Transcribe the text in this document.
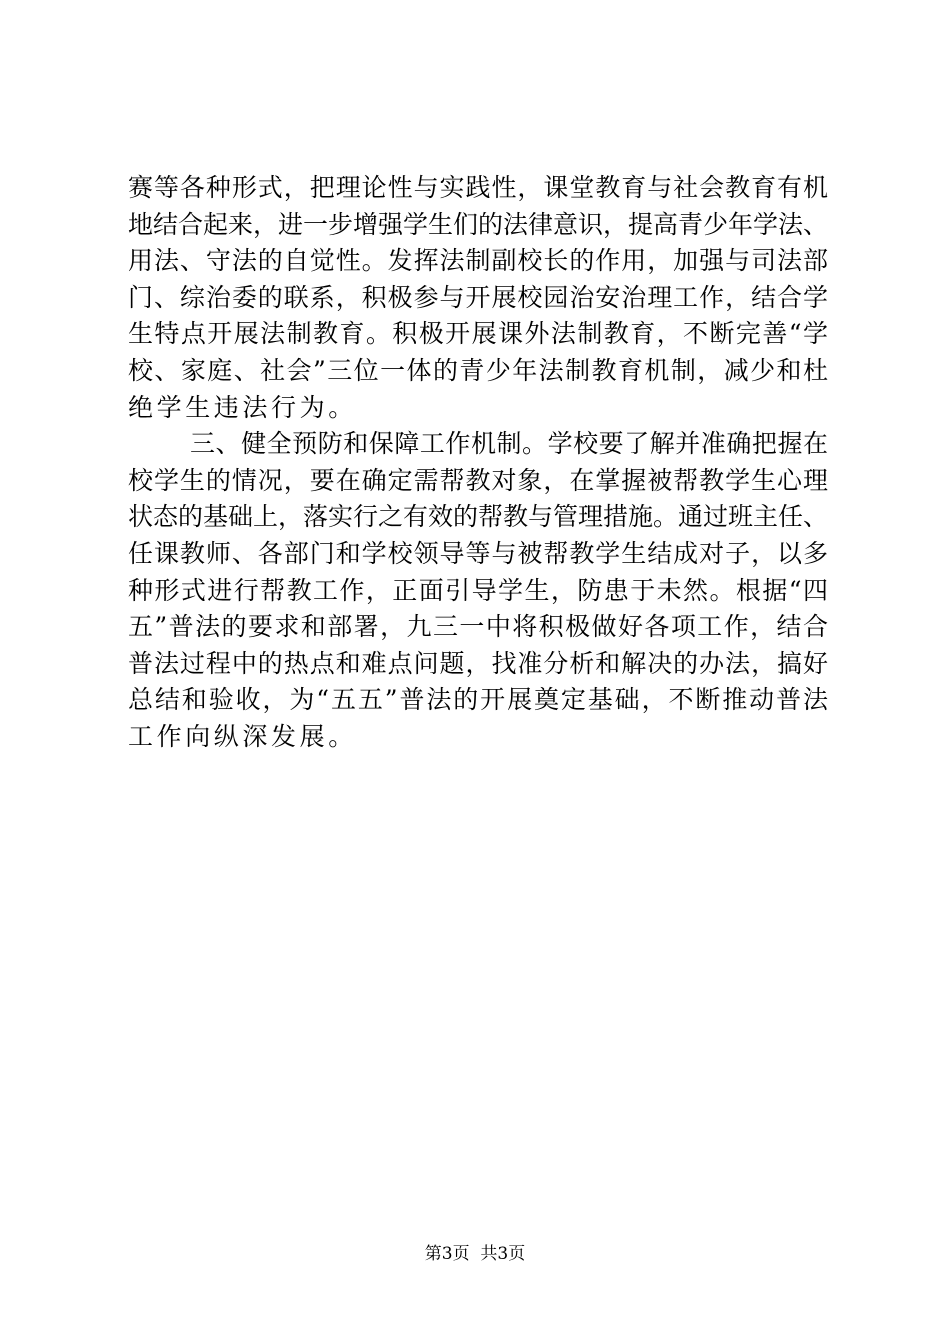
赛等各种形式，把理论性与实践性，课堂教育与社会教育有机
地结合起来，进一步增强学生们的法律意识，提高青少年学法、
用法、守法的自觉性。发挥法制副校长的作用，加强与司法部
门、综治委的联系，积极参与开展校园治安治理工作，结合学
生特点开展法制教育。积极开展课外法制教育，不断完善“学
校、家庭、社会”三位一体的青少年法制教育机制，减少和杜
绝学生违法行为。
三、健全预防和保障工作机制。学校要了解并准确把握在
校学生的情况，要在确定需帮教对象，在掌握被帮教学生心理
状态的基础上，落实行之有效的帮教与管理措施。通过班主任、
任课教师、各部门和学校领导等与被帮教学生结成对子，以多
种形式进行帮教工作，正面引导学生，防患于未然。根据“四
五”普法的要求和部署，九三一中将积极做好各项工作，结合
普法过程中的热点和难点问题，找准分析和解决的办法，搞好
总结和验收，为“五五”普法的开展奠定基础，不断推动普法
工作向纵深发展。
第3页 共3页
